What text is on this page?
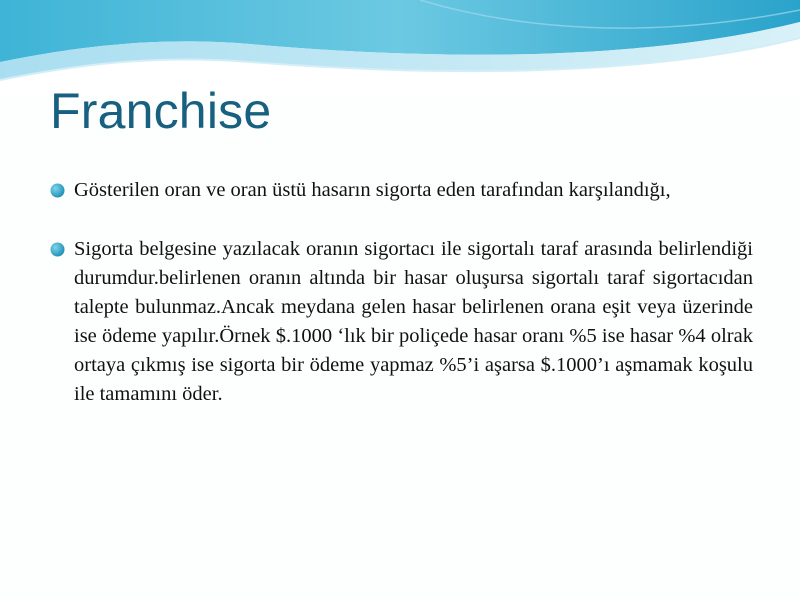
Franchise
Gösterilen oran ve oran üstü hasarın sigorta eden tarafından karşılandığı,
Sigorta belgesine yazılacak oranın sigortacı ile sigortalı taraf arasında belirlendiği durumdur.belirlenen oranın altında bir hasar oluşursa sigortalı taraf sigortacıdan talepte bulunmaz.Ancak meydana gelen hasar belirlenen orana eşit veya üzerinde ise ödeme yapılır.Örnek $.1000 ‘lık bir poliçede hasar oranı %5 ise hasar %4 olrak ortaya çıkmış ise sigorta bir ödeme yapmaz %5’i aşarsa $.1000’ı aşmamak koşulu ile tamamını öder.
